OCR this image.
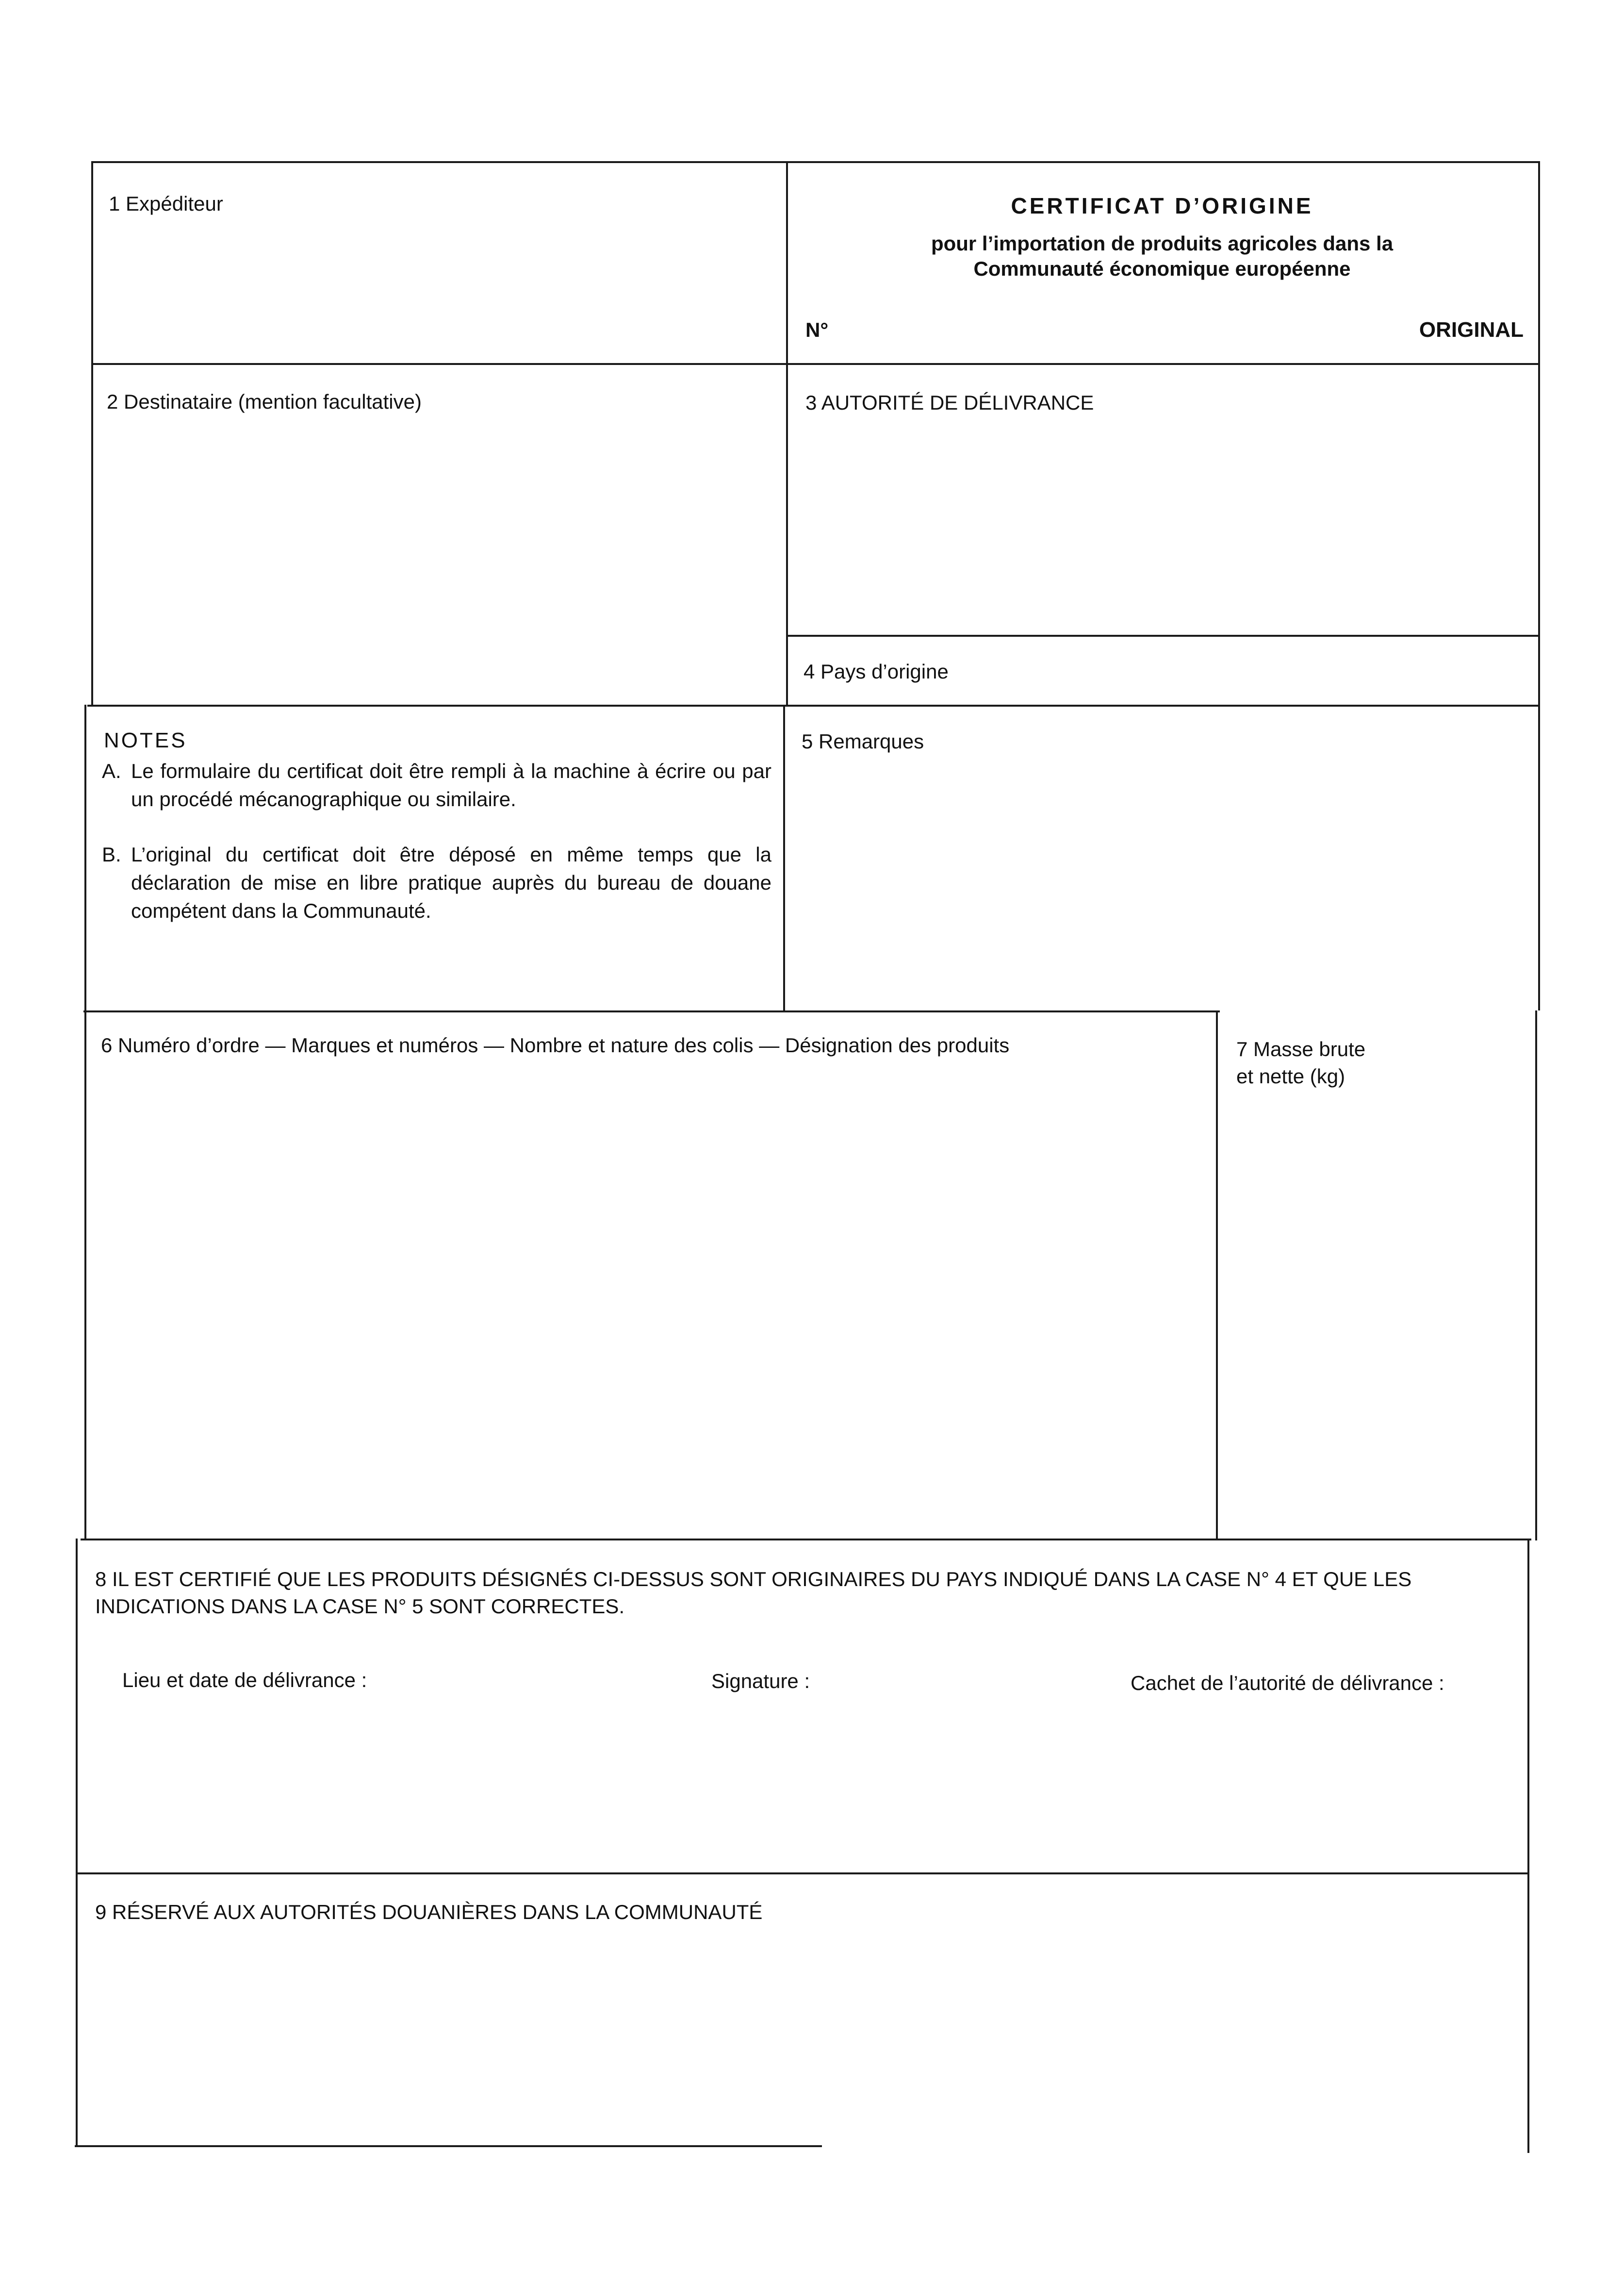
1 Expéditeur	CERTIFICAT D’ORIGINE
pour l’importation de produits agricoles dans la
Communauté économique européenne
N°	ORIGINAL
2 Destinataire (mention facultative)	3 AUTORITÉ DE DÉLIVRANCE
4 Pays d’origine
NOTES
A. Le formulaire du certificat doit être rempli à la machine à écrire ou par un procédé mécanographique ou similaire.
B. L’original du certificat doit être déposé en même temps que la déclaration de mise en libre pratique auprès du bureau de douane compétent dans la Communauté.
5 Remarques
6 Numéro d’ordre — Marques et numéros — Nombre et nature des colis — Désignation des produits	7 Masse brute
et nette (kg)
8 IL EST CERTIFIÉ QUE LES PRODUITS DÉSIGNÉS CI-DESSUS SONT ORIGINAIRES DU PAYS INDIQUÉ DANS LA CASE N° 4 ET QUE LES
INDICATIONS DANS LA CASE N° 5 SONT CORRECTES.
Lieu et date de délivrance :	Signature :	Cachet de l’autorité de délivrance :
9 RÉSERVÉ AUX AUTORITÉS DOUANIÈRES DANS LA COMMUNAUTÉ
